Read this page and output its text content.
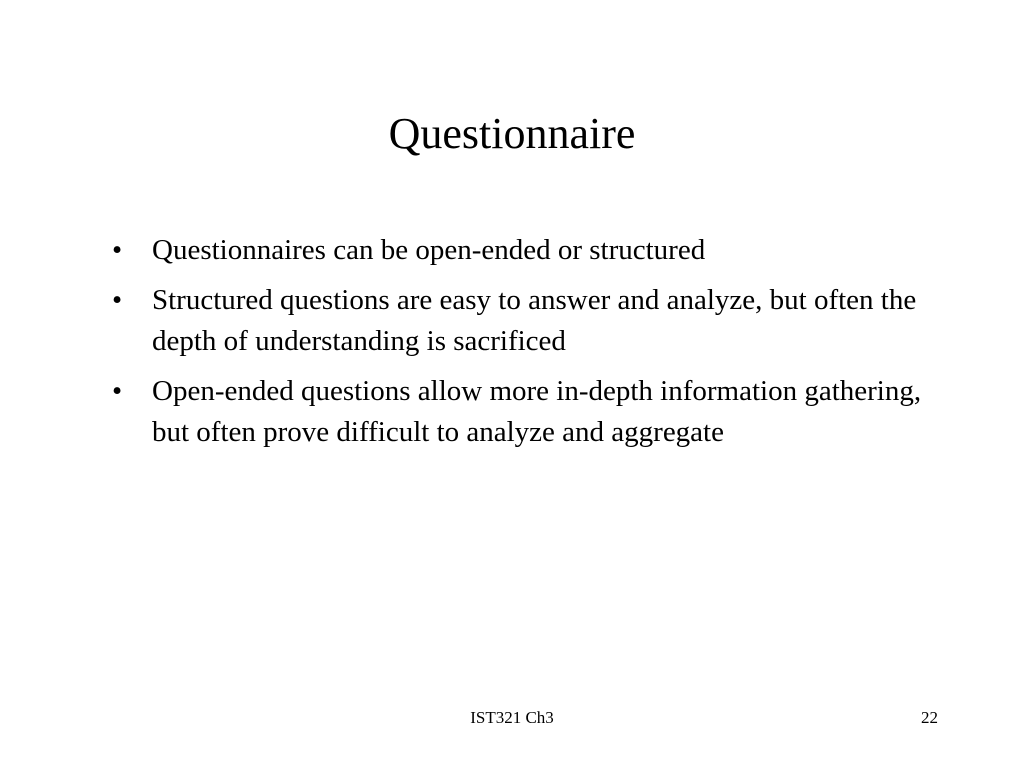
Questionnaire
•	Questionnaires can be open-ended or structured
•	Structured questions are easy to answer and analyze, but often the depth of understanding is sacrificed
•	Open-ended questions allow more in-depth information gathering, but often prove difficult to analyze and aggregate
IST321 Ch3	22
